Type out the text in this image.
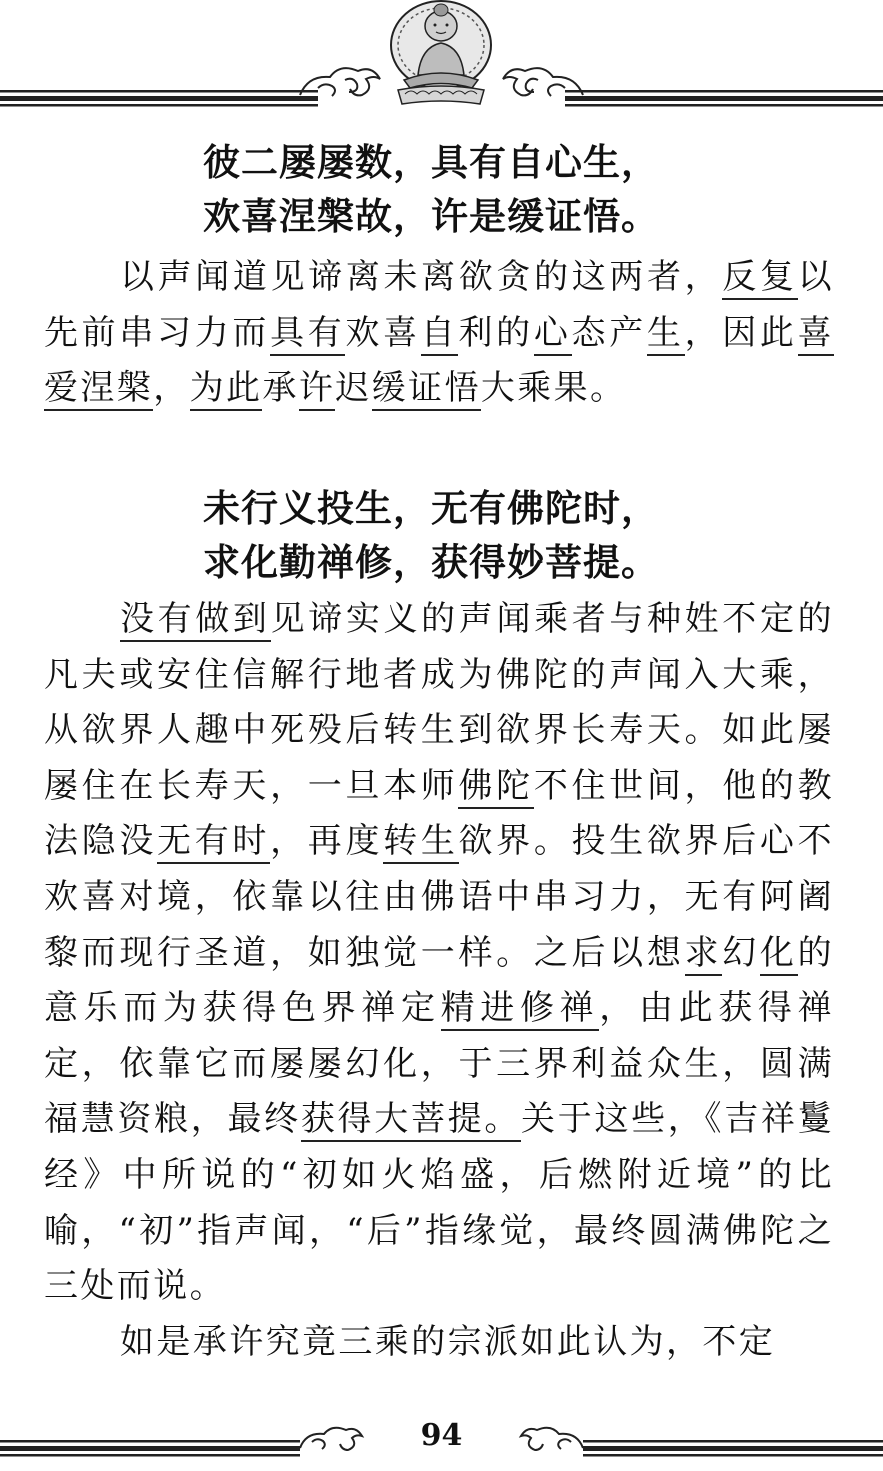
彼二屡屡数，具有自心生，
欢喜涅槃故，许是缓证悟。

以声闻道见谛离未离欲贪的这两者，反复以先前串习力而具有欢喜自利的心态产生，因此喜爱涅槃，为此承许迟缓证悟大乘果。

未行义投生，无有佛陀时，
求化勤禅修，获得妙菩提。

没有做到见谛实义的声闻乘者与种姓不定的凡夫或安住信解行地者成为佛陀的声闻入大乘，从欲界人趣中死殁后转生到欲界长寿天。如此屡屡住在长寿天，一旦本师佛陀不住世间，他的教法隐没无有时，再度转生欲界。投生欲界后心不欢喜对境，依靠以往由佛语中串习力，无有阿阇黎而现行圣道，如独觉一样。之后以想求幻化的意乐而为获得色界禅定精进修禅，由此获得禅定，依靠它而屡屡幻化，于三界利益众生，圆满福慧资粮，最终获得大菩提。关于这些，《吉祥鬘经》中所说的“初如火焰盛，后燃附近境”的比喻，“初”指声闻，“后”指缘觉，最终圆满佛陀之三处而说。

如是承许究竟三乘的宗派如此认为，不定

94
